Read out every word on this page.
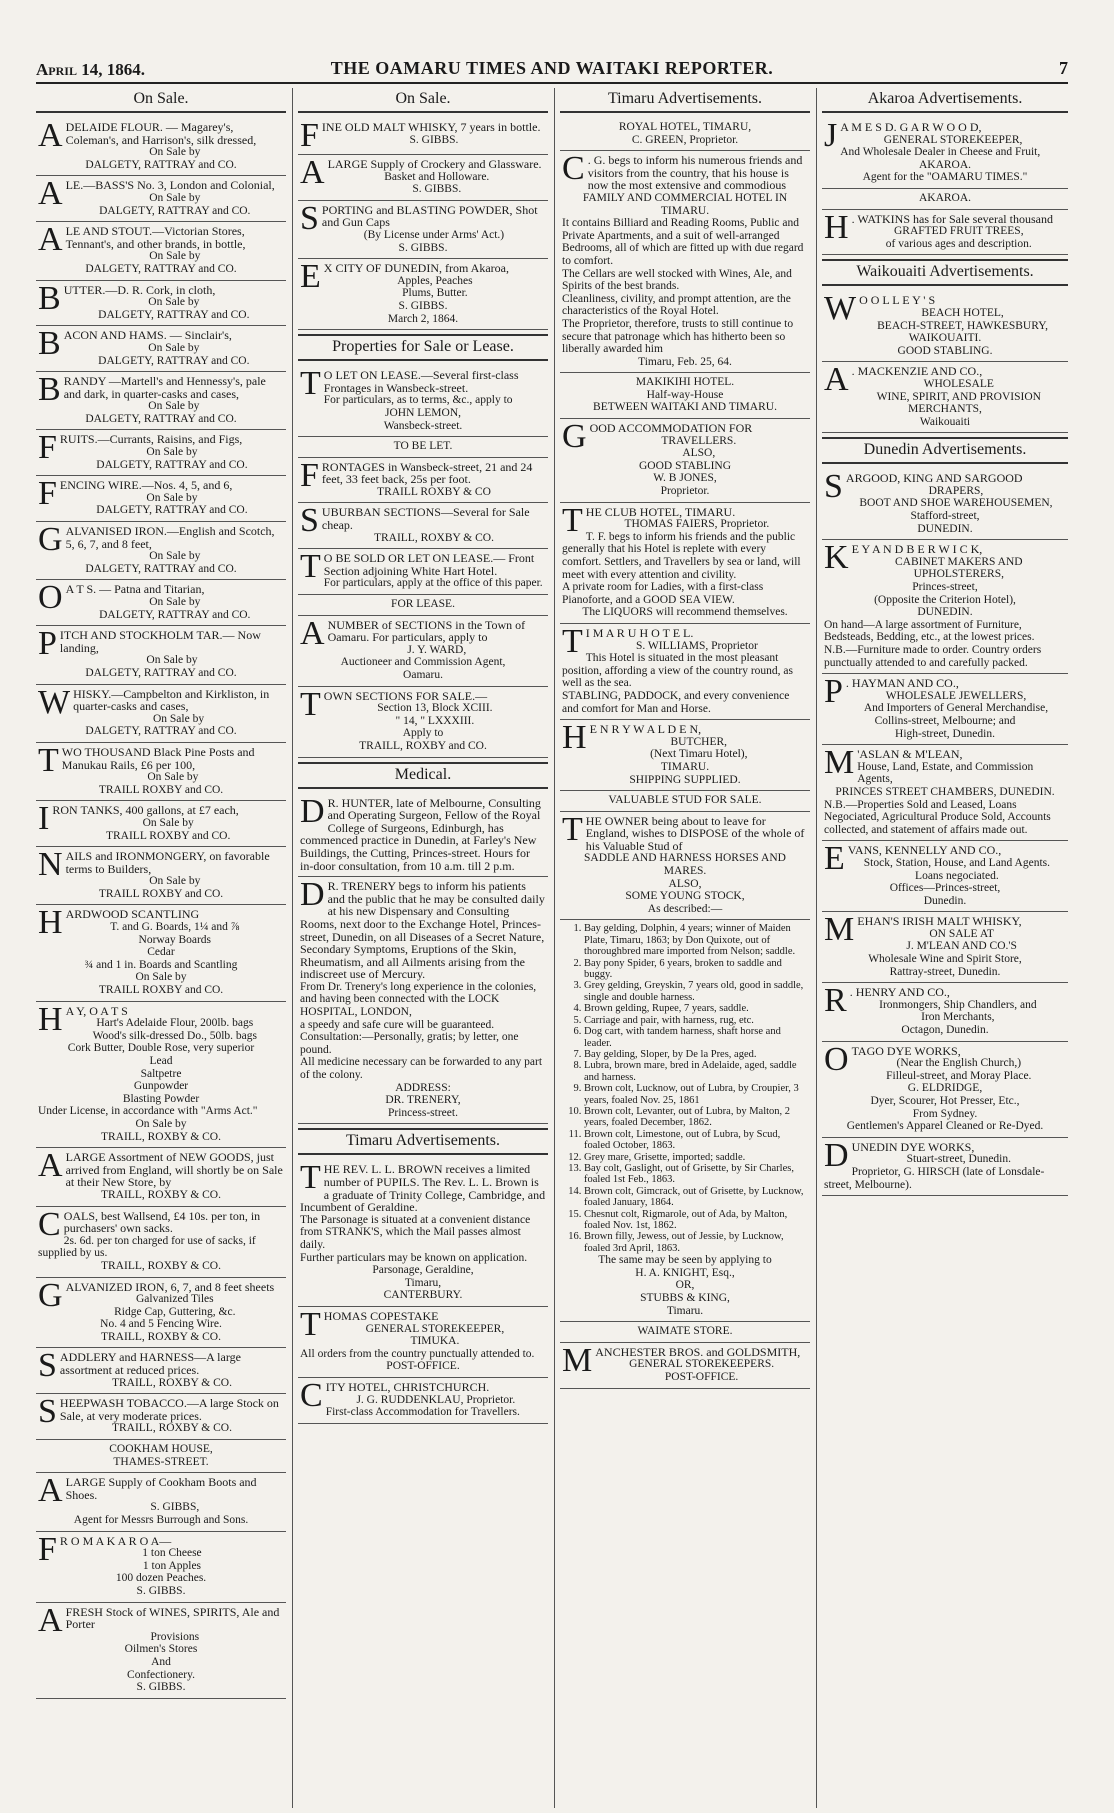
April 14, 1864.	THE OAMARU TIMES AND WAITAKI REPORTER.	7
On Sale.
A DELAIDE FLOUR. — Magarey's, Coleman's, and Harrison's, silk dressed,

On Sale by

DALGETY, RATTRAY and CO.

A LE.—BASS'S No. 3, London and Colonial,

On Sale by

DALGETY, RATTRAY and CO.

A LE AND STOUT.—Victorian Stores, Tennant's, and other brands, in bottle,

On Sale by

DALGETY, RATTRAY and CO.

B UTTER.—D. R. Cork, in cloth,

On Sale by

DALGETY, RATTRAY and CO.

B ACON AND HAMS. — Sinclair's,

On Sale by

DALGETY, RATTRAY and CO.

B RANDY —Martell's and Hennessy's, pale and dark, in quarter-casks and cases,

On Sale by

DALGETY, RATTRAY and CO.

F RUITS.—Currants, Raisins, and Figs,

On Sale by

DALGETY, RATTRAY and CO.

F ENCING WIRE.—Nos. 4, 5, and 6,

On Sale by

DALGETY, RATTRAY and CO.

G ALVANISED IRON.—English and Scotch, 5, 6, 7, and 8 feet,

On Sale by

DALGETY, RATTRAY and CO.

O A T S. — Patna and Titarian,

On Sale by

DALGETY, RATTRAY and CO.

P ITCH AND STOCKHOLM TAR.— Now landing,

On Sale by

DALGETY, RATTRAY and CO.

W HISKY.—Campbelton and Kirkliston, in quarter-casks and cases,

On Sale by

DALGETY, RATTRAY and CO.

T WO THOUSAND Black Pine Posts and Manukau Rails, £6 per 100,

On Sale by

TRAILL ROXBY and CO.

I RON TANKS, 400 gallons, at £7 each,

On Sale by

TRAILL ROXBY and CO.

N AILS and IRONMONGERY, on favorable terms to Builders,

On Sale by

TRAILL ROXBY and CO.

H ARDWOOD SCANTLING

T. and G. Boards, 1¼ and ⅞

Norway Boards

Cedar

¾ and 1 in. Boards and Scantling

On Sale by

TRAILL ROXBY and CO.

H A Y, O A T S

Hart's Adelaide Flour, 200lb. bags

Wood's silk-dressed Do., 50lb. bags

Cork Butter, Double Rose, very superior

Lead

Saltpetre

Gunpowder

Blasting Powder

Under License, in accordance with "Arms Act."

On Sale by

TRAILL, ROXBY & CO.

A LARGE Assortment of NEW GOODS, just arrived from England, will shortly be on Sale at their New Store, by

TRAILL, ROXBY & CO.

C OALS, best Wallsend, £4 10s. per ton, in purchasers' own sacks.

2s. 6d. per ton charged for use of sacks, if supplied by us.

TRAILL, ROXBY & CO.

G ALVANIZED IRON, 6, 7, and 8 feet sheets

Galvanized Tiles

Ridge Cap, Guttering, &c.

No. 4 and 5 Fencing Wire.

TRAILL, ROXBY & CO.

S ADDLERY and HARNESS—A large assortment at reduced prices.

TRAILL, ROXBY & CO.

S HEEPWASH TOBACCO.—A large Stock on Sale, at very moderate prices.

TRAILL, ROXBY & CO.

COOKHAM HOUSE,

THAMES-STREET.

A LARGE Supply of Cookham Boots and Shoes.

S. GIBBS,

Agent for Messrs Burrough and Sons.

F R O M A K A R O A—

1 ton Cheese

1 ton Apples

100 dozen Peaches.

S. GIBBS.

A FRESH Stock of WINES, SPIRITS, Ale and Porter

Provisions

Oilmen's Stores

And

Confectionery.

S. GIBBS.

On Sale.
F INE OLD MALT WHISKY, 7 years in bottle.

S. GIBBS.

A LARGE Supply of Crockery and Glassware.

Basket and Holloware.

S. GIBBS.

S PORTING and BLASTING POWDER, Shot and Gun Caps

(By License under Arms' Act.)

S. GIBBS.

E X CITY OF DUNEDIN, from Akaroa,

Apples, Peaches

Plums, Butter.

S. GIBBS.

March 2, 1864.

Properties for Sale or Lease.
T O LET ON LEASE.—Several first-class Frontages in Wansbeck-street.

For particulars, as to terms, &c., apply to

JOHN LEMON,

Wansbeck-street.

TO BE LET.

F RONTAGES in Wansbeck-street, 21 and 24 feet, 33 feet back, 25s per foot.

TRAILL ROXBY & CO

S UBURBAN SECTIONS—Several for Sale cheap.

TRAILL, ROXBY & CO.

T O BE SOLD OR LET ON LEASE.— Front Section adjoining White Hart Hotel.

For particulars, apply at the office of this paper.

FOR LEASE.

A NUMBER of SECTIONS in the Town of Oamaru. For particulars, apply to

J. Y. WARD,

Auctioneer and Commission Agent,

Oamaru.

T OWN SECTIONS FOR SALE.—

Section 13, Block XCIII.

" 14, " LXXXIII.

Apply to

TRAILL, ROXBY and CO.

Medical.
D R. HUNTER, late of Melbourne, Consulting and Operating Surgeon, Fellow of the Royal College of Surgeons, Edinburgh, has commenced practice in Dunedin, at Farley's New Buildings, the Cutting, Princes-street. Hours for in-door consultation, from 10 a.m. till 2 p.m.

D R. TRENERY begs to inform his patients and the public that he may be consulted daily at his new Dispensary and Consulting Rooms, next door to the Exchange Hotel, Princes-street, Dunedin, on all Diseases of a Secret Nature, Secondary Symptoms, Eruptions of the Skin, Rheumatism, and all Ailments arising from the indiscreet use of Mercury.

From Dr. Trenery's long experience in the colonies, and having been connected with the LOCK HOSPITAL, LONDON,

a speedy and safe cure will be guaranteed.

Consultation:—Personally, gratis; by letter, one pound.

All medicine necessary can be forwarded to any part of the colony.

ADDRESS:

DR. TRENERY,

Princess-street.

Timaru Advertisements.
T HE REV. L. L. BROWN receives a limited number of PUPILS. The Rev. L. L. Brown is a graduate of Trinity College, Cambridge, and Incumbent of Geraldine.

The Parsonage is situated at a convenient distance from STRANK'S, which the Mail passes almost daily.

Further particulars may be known on application.

Parsonage, Geraldine,

Timaru,

CANTERBURY.

T HOMAS COPESTAKE

GENERAL STOREKEEPER,

TIMUKA.

All orders from the country punctually attended to.

POST-OFFICE.

C ITY HOTEL, CHRISTCHURCH.

J. G. RUDDENKLAU, Proprietor.

First-class Accommodation for Travellers.

Timaru Advertisements.

ROYAL HOTEL, TIMARU,

C. GREEN, Proprietor.

C . G. begs to inform his numerous friends and visitors from the country, that his house is now the most extensive and commodious

FAMILY AND COMMERCIAL HOTEL IN TIMARU.

It contains Billiard and Reading Rooms, Public and Private Apartments, and a suit of well-arranged Bedrooms, all of which are fitted up with due regard to comfort.

The Cellars are well stocked with Wines, Ale, and Spirits of the best brands.

Cleanliness, civility, and prompt attention, are the characteristics of the Royal Hotel.

The Proprietor, therefore, trusts to still continue to secure that patronage which has hitherto been so liberally awarded him

Timaru, Feb. 25, 64.

MAKIKIHI HOTEL.

Half-way-House

BETWEEN WAITAKI AND TIMARU.

G OOD ACCOMMODATION FOR

TRAVELLERS.

ALSO,

GOOD STABLING

W. B JONES,

Proprietor.

T HE CLUB HOTEL, TIMARU.

THOMAS FAIERS, Proprietor.

T. F. begs to inform his friends and the public generally that his Hotel is replete with every comfort. Settlers, and Travellers by sea or land, will meet with every attention and civility.

A private room for Ladies, with a first-class Pianoforte, and a GOOD SEA VIEW.

The LIQUORS will recommend themselves.

T I M A R U H O T E L.

S. WILLIAMS, Proprietor

This Hotel is situated in the most pleasant position, affording a view of the country round, as well as the sea.

STABLING, PADDOCK, and every convenience and comfort for Man and Horse.

H E N R Y W A L D E N,

BUTCHER,

(Next Timaru Hotel),

TIMARU.

SHIPPING SUPPLIED.

VALUABLE STUD FOR SALE.

T HE OWNER being about to leave for England, wishes to DISPOSE of the whole of his Valuable Stud of

SADDLE AND HARNESS HORSES AND MARES.

ALSO,

SOME YOUNG STOCK,

As described:—

1. Bay gelding, Dolphin, 4 years; winner of Maiden Plate, Timaru, 1863; by Don Quixote, out of thoroughbred mare imported from Nelson; saddle.
2. Bay pony Spider, 6 years, broken to saddle and buggy.
3. Grey gelding, Greyskin, 7 years old, good in saddle, single and double harness.
4. Brown gelding, Rupee, 7 years, saddle.
5. Carriage and pair, with harness, rug, etc.
6. Dog cart, with tandem harness, shaft horse and leader.
7. Bay gelding, Sloper, by De la Pres, aged.
8. Lubra, brown mare, bred in Adelaide, aged, saddle and harness.
9. Brown colt, Lucknow, out of Lubra, by Croupier, 3 years, foaled Nov. 25, 1861
10. Brown colt, Levanter, out of Lubra, by Malton, 2 years, foaled December, 1862.
11. Brown colt, Limestone, out of Lubra, by Scud, foaled October, 1863.
12. Grey mare, Grisette, imported; saddle.
13. Bay colt, Gaslight, out of Grisette, by Sir Charles, foaled 1st Feb., 1863.
14. Brown colt, Gimcrack, out of Grisette, by Lucknow, foaled January, 1864.
15. Chesnut colt, Rigmarole, out of Ada, by Malton, foaled Nov. 1st, 1862.
16. Brown filly, Jewess, out of Jessie, by Lucknow, foaled 3rd April, 1863.

The same may be seen by applying to

H. A. KNIGHT, Esq.,

OR,

STUBBS & KING,

Timaru.

WAIMATE STORE.

M ANCHESTER BROS. and GOLDSMITH,

GENERAL STOREKEEPERS.

POST-OFFICE.

Akaroa Advertisements.
J A M E S D. G A R W O O D,

GENERAL STOREKEEPER,

And Wholesale Dealer in Cheese and Fruit,

AKAROA.

Agent for the "OAMARU TIMES."

AKAROA.

H . WATKINS has for Sale several thousand

GRAFTED FRUIT TREES,

of various ages and description.

Waikouaiti Advertisements.
W O O L L E Y ' S

BEACH HOTEL,

BEACH-STREET, HAWKESBURY,

WAIKOUAITI.

GOOD STABLING.

A . MACKENZIE AND CO.,

WHOLESALE

WINE, SPIRIT, AND PROVISION

MERCHANTS,

Waikouaiti

Dunedin Advertisements.
S ARGOOD, KING AND SARGOOD

DRAPERS,

BOOT AND SHOE WAREHOUSEMEN,

Stafford-street,

DUNEDIN.

K E Y A N D B E R W I C K,

CABINET MAKERS AND UPHOLSTERERS,

Princes-street,

(Opposite the Criterion Hotel),

DUNEDIN.

On hand—A large assortment of Furniture, Bedsteads, Bedding, etc., at the lowest prices.

N.B.—Furniture made to order. Country orders punctually attended to and carefully packed.

P . HAYMAN AND CO.,

WHOLESALE JEWELLERS,

And Importers of General Merchandise,

Collins-street, Melbourne; and

High-street, Dunedin.

M 'ASLAN & M'LEAN,

House, Land, Estate, and Commission Agents,

PRINCES STREET CHAMBERS, DUNEDIN.

N.B.—Properties Sold and Leased, Loans Negociated, Agricultural Produce Sold, Accounts collected, and statement of affairs made out.

E VANS, KENNELLY AND CO.,

Stock, Station, House, and Land Agents.

Loans negociated.

Offices—Princes-street,

Dunedin.

M EHAN'S IRISH MALT WHISKY,

ON SALE AT

J. M'LEAN AND CO.'S

Wholesale Wine and Spirit Store,

Rattray-street, Dunedin.

R . HENRY AND CO.,

Ironmongers, Ship Chandlers, and

Iron Merchants,

Octagon, Dunedin.

O TAGO DYE WORKS,

(Near the English Church,)

Filleul-street, and Moray Place.

G. ELDRIDGE,

Dyer, Scourer, Hot Presser, Etc.,

From Sydney.

Gentlemen's Apparel Cleaned or Re-Dyed.

D UNEDIN DYE WORKS,

Stuart-street, Dunedin.

Proprietor, G. HIRSCH (late of Lonsdale-street, Melbourne).
